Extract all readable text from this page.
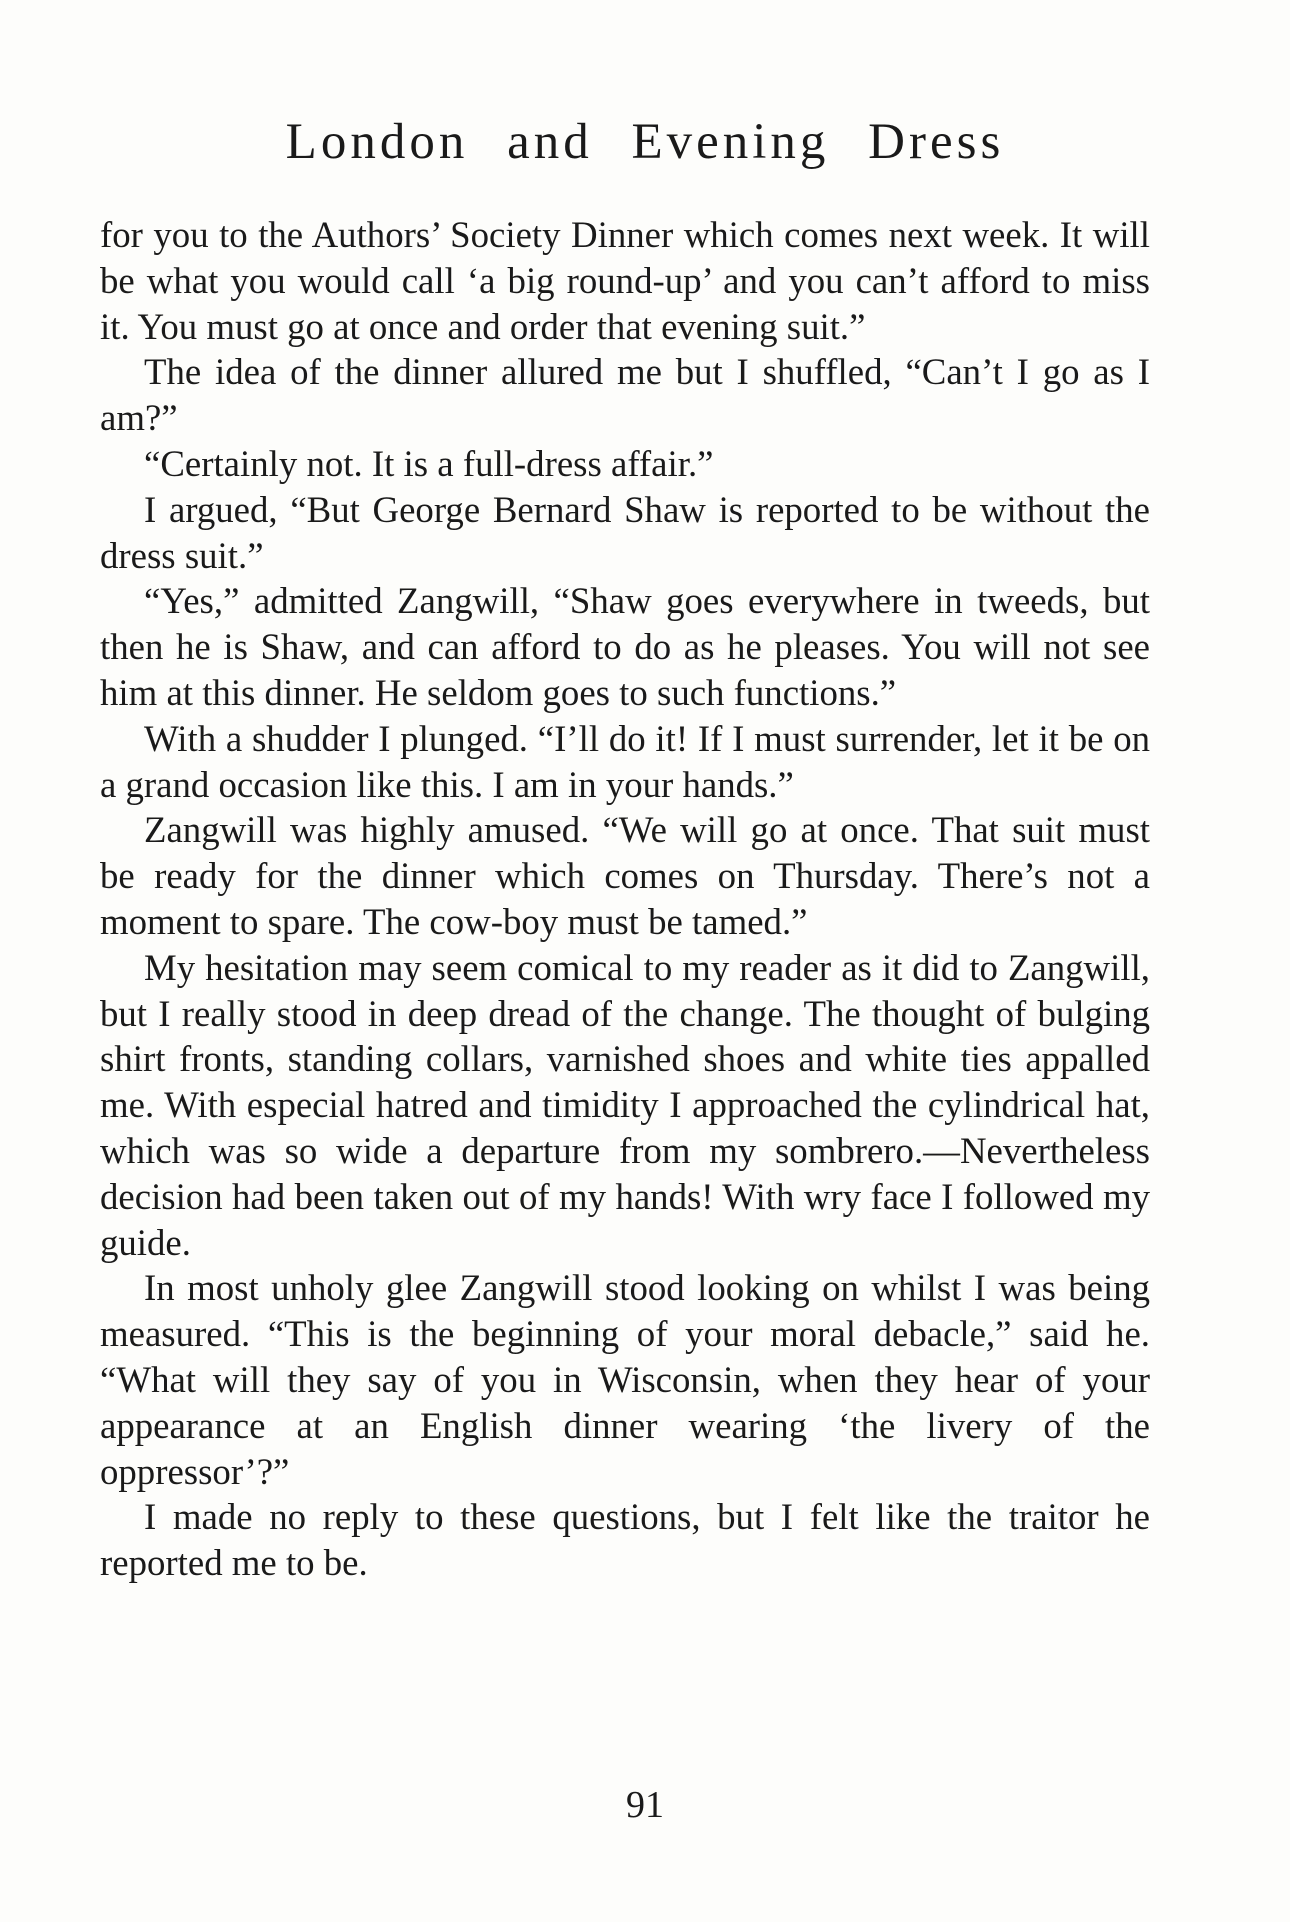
London and Evening Dress

for you to the Authors’ Society Dinner which comes next week. It will be what you would call ‘a big round-up’ and you can’t afford to miss it. You must go at once and order that evening suit.”

The idea of the dinner allured me but I shuffled, “Can’t I go as I am?”

“Certainly not. It is a full-dress affair.”

I argued, “But George Bernard Shaw is reported to be without the dress suit.”

“Yes,” admitted Zangwill, “Shaw goes everywhere in tweeds, but then he is Shaw, and can afford to do as he pleases. You will not see him at this dinner. He seldom goes to such functions.”

With a shudder I plunged. “I’ll do it! If I must surrender, let it be on a grand occasion like this. I am in your hands.”

Zangwill was highly amused. “We will go at once. That suit must be ready for the dinner which comes on Thursday. There’s not a moment to spare. The cow-boy must be tamed.”

My hesitation may seem comical to my reader as it did to Zangwill, but I really stood in deep dread of the change. The thought of bulging shirt fronts, standing collars, varnished shoes and white ties appalled me. With especial hatred and timidity I approached the cylindrical hat, which was so wide a departure from my sombrero.—Nevertheless decision had been taken out of my hands! With wry face I followed my guide.

In most unholy glee Zangwill stood looking on whilst I was being measured. “This is the beginning of your moral debacle,” said he. “What will they say of you in Wisconsin, when they hear of your appearance at an English dinner wearing ‘the livery of the oppressor’?”

I made no reply to these questions, but I felt like the traitor he reported me to be.

91
